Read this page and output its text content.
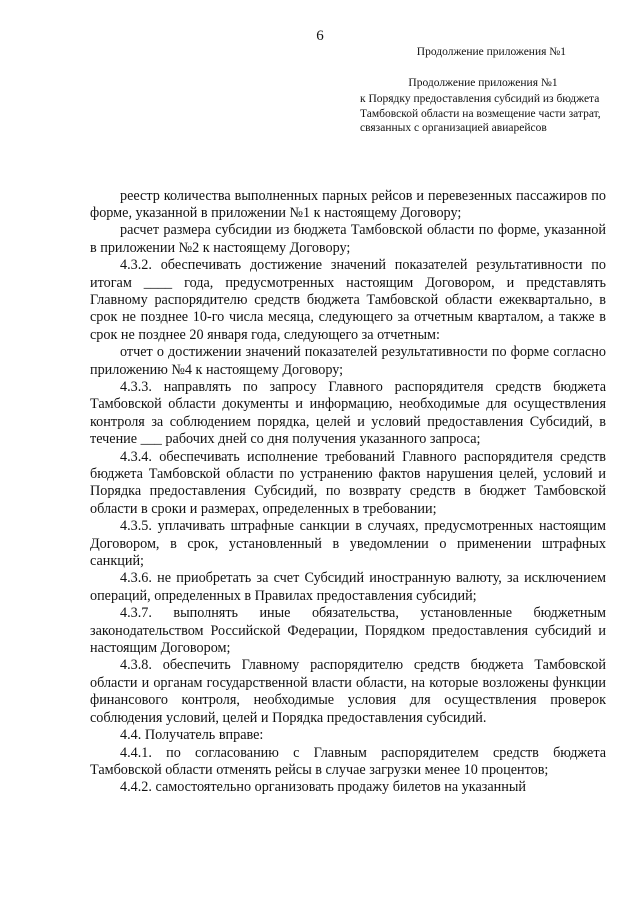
6
Продолжение приложения №1
Продолжение приложения №1
к Порядку предоставления субсидий из бюджета
Тамбовской области на возмещение части затрат,
связанных с организацией авиарейсов

реестр количества выполненных парных рейсов и перевезенных пассажиров по форме, указанной в приложении №1 к настоящему Договору;

расчет размера субсидии из бюджета Тамбовской области по форме, указанной в приложении №2 к настоящему Договору;

4.3.2. обеспечивать достижение значений показателей результативности по итогам ____ года, предусмотренных настоящим Договором, и представлять Главному распорядителю средств бюджета Тамбовской области ежеквартально, в срок не позднее 10-го числа месяца, следующего за отчетным кварталом, а также в срок не позднее 20 января года, следующего за отчетным:

отчет о достижении значений показателей результативности по форме согласно приложению №4 к настоящему Договору;

4.3.3. направлять по запросу Главного распорядителя средств бюджета Тамбовской области документы и информацию, необходимые для осуществления контроля за соблюдением порядка, целей и условий предоставления Субсидий, в течение ___ рабочих дней со дня получения указанного запроса;

4.3.4. обеспечивать исполнение требований Главного распорядителя средств бюджета Тамбовской области по устранению фактов нарушения целей, условий и Порядка предоставления Субсидий, по возврату средств в бюджет Тамбовской области в сроки и размерах, определенных в требовании;

4.3.5. уплачивать штрафные санкции в случаях, предусмотренных настоящим Договором, в срок, установленный в уведомлении о применении штрафных санкций;

4.3.6. не приобретать за счет Субсидий иностранную валюту, за исключением операций, определенных в Правилах предоставления субсидий;

4.3.7. выполнять иные обязательства, установленные бюджетным законодательством Российской Федерации, Порядком предоставления субсидий и настоящим Договором;

4.3.8. обеспечить Главному распорядителю средств бюджета Тамбовской области и органам государственной власти области, на которые возложены функции финансового контроля, необходимые условия для осуществления проверок соблюдения условий, целей и Порядка предоставления субсидий.

4.4. Получатель вправе:

4.4.1. по согласованию с Главным распорядителем средств бюджета Тамбовской области отменять рейсы в случае загрузки менее 10 процентов;

4.4.2. самостоятельно организовать продажу билетов на указанный
